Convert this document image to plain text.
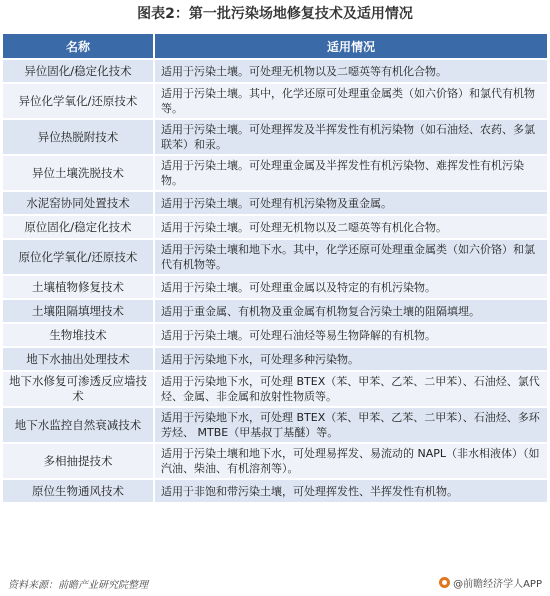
图表2：第一批污染场地修复技术及适用情况
名称	适用情况
异位固化/稳定化技术	适用于污染土壤。可处理无机物以及二噁英等有机化合物。
异位化学氧化/还原技术	适用于污染土壤。其中，化学还原可处理重金属类（如六价铬）和氯代有机物等。
异位热脱附技术	适用于污染土壤。可处理挥发及半挥发性有机污染物（如石油烃、农药、多氯联苯）和汞。
异位土壤洗脱技术	适用于污染土壤。可处理重金属及半挥发性有机污染物、难挥发性有机污染物。
水泥窑协同处置技术	适用于污染土壤。可处理有机污染物及重金属。
原位固化/稳定化技术	适用于污染土壤。可处理无机物以及二噁英等有机化合物。
原位化学氧化/还原技术	适用于污染土壤和地下水。其中，化学还原可处理重金属类（如六价铬）和氯代有机物等。
土壤植物修复技术	适用于污染土壤。可处理重金属以及特定的有机污染物。
土壤阻隔填埋技术	适用于重金属、有机物及重金属有机物复合污染土壤的阻隔填埋。
生物堆技术	适用于污染土壤。可处理石油烃等易生物降解的有机物。
地下水抽出处理技术	适用于污染地下水，可处理多种污染物。
地下水修复可渗透反应墙技术	适用于污染地下水，可处理 BTEX（苯、甲苯、乙苯、二甲苯）、石油烃、氯代烃、金属、非金属和放射性物质等。
地下水监控自然衰减技术	适用于污染地下水，可处理 BTEX（苯、甲苯、乙苯、二甲苯）、石油烃、多环芳烃、 MTBE（甲基叔丁基醚）等。
多相抽提技术	适用于污染土壤和地下水，可处理易挥发、易流动的 NAPL（非水相液体）（如汽油、柴油、有机溶剂等）。
原位生物通风技术	适用于非饱和带污染土壤，可处理挥发性、半挥发性有机物。
资料来源：前瞻产业研究院整理	@前瞻经济学人APP
